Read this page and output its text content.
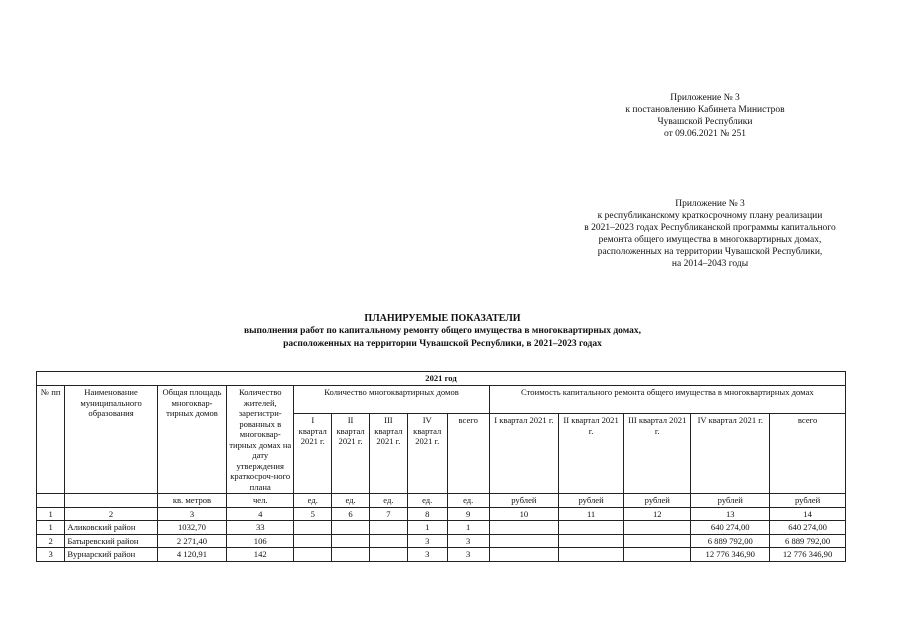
Приложение № 3
к постановлению Кабинета Министров
Чувашской Республики
от 09.06.2021 № 251
Приложение № 3
к республиканскому краткосрочному плану реализации
в 2021–2023 годах Республиканской программы капитального
ремонта общего имущества в многоквартирных домах,
расположенных на территории Чувашской Республики,
на 2014–2043 годы
ПЛАНИРУЕМЫЕ ПОКАЗАТЕЛИ
выполнения работ по капитальному ремонту общего имущества в многоквартирных домах,
расположенных на территории Чувашской Республики, в 2021–2023 годах
2021 год													
№ пп	Наименование муниципального образования	Общая площадь многоквар-тирных домов	Количество жителей, зарегистри-рованных в многоквар-тирных домах на дату утверждения краткосроч-ного плана	Количество многоквартирных домов					Стоимость капитального ремонта общего имущества в многоквартирных домах				
				I квартал 2021 г.	II квартал 2021 г.	III квартал 2021 г.	IV квартал 2021 г.	всего	I квартал 2021 г.	II квартал 2021 г.	III квартал 2021 г.	IV квартал 2021 г.	всего
		кв. метров	чел.	ед.	ед.	ед.	ед.	ед.	рублей	рублей	рублей	рублей	рублей
1	2	3	4	5	6	7	8	9	10	11	12	13	14
1	Аликовский район	1032,70	33				1	1				640 274,00	640 274,00
2	Батыревский район	2 271,40	106				3	3				6 889 792,00	6 889 792,00
3	Вурнарский район	4 120,91	142				3	3				12 776 346,90	12 776 346,90
